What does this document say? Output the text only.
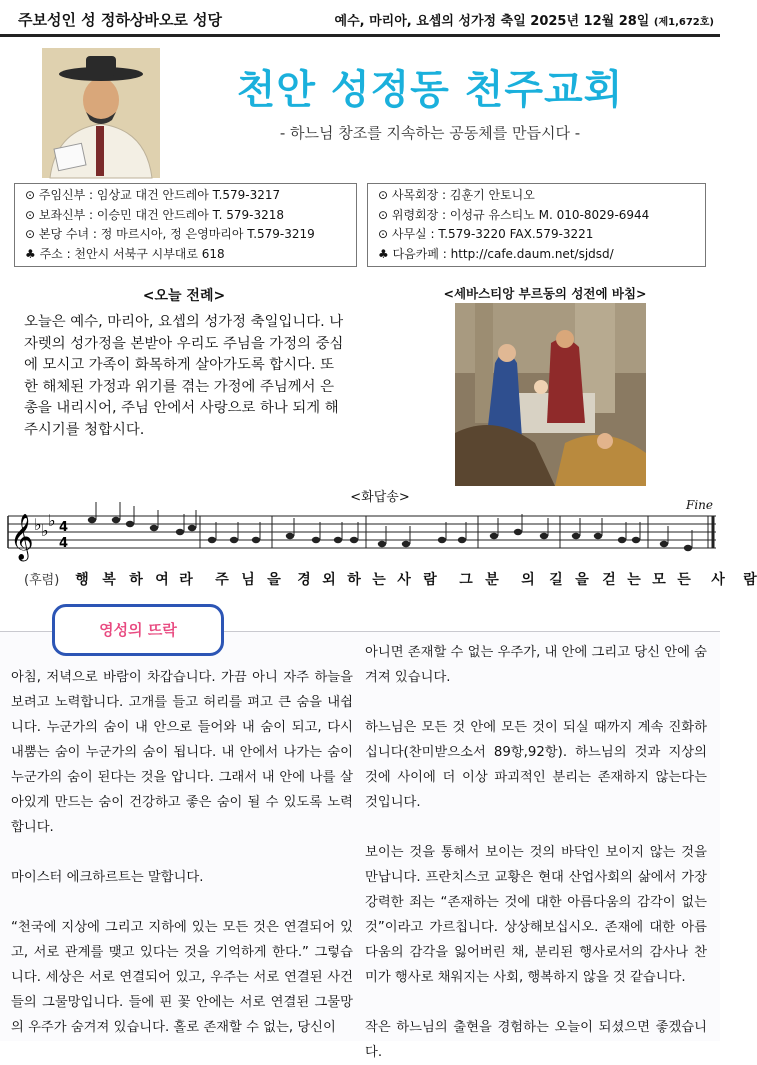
주보성인 성 정하상바오로 성당	예수, 마리아, 요셉의 성가정 축일 2025년 12월 28일 (제1,672호)
천안 성정동 천주교회
- 하느님 창조를 지속하는 공동체를 만듭시다 -
⊙ 주임신부 : 임상교 대건 안드레아 T.579-3217
⊙ 보좌신부 : 이승민 대건 안드레아 T. 579-3218
⊙ 본당 수녀 : 정 마르시아, 정 은영마리아 T.579-3219
♣ 주소 : 천안시 서북구 시부대로 618
⊙ 사목회장 : 김훈기 안토니오
⊙ 위령회장 : 이성규 유스티노 M. 010-8029-6944
⊙ 사무실 : T.579-3220 FAX.579-3221
♣ 다음카페 : http://cafe.daum.net/sjdsd/
<오늘 전례>
오늘은 예수, 마리아, 요셉의 성가정 축일입니다. 나자렛의 성가정을 본받아 우리도 주님을 가정의 중심에 모시고 가족이 화목하게 살아가도록 합시다. 또한 해체된 가정과 위기를 겪는 가정에 주님께서 은총을 내리시어, 주님 안에서 사랑으로 하나 되게 해 주시기를 청합시다.
<세바스티앙 부르동의 성전에 바침>
<화답송>	Fine
𝄞 ♭ ♭
♭ 4
4
(후렴) 행 복 하 여 라 주 님 을 경 외 하 는 사 람 그 분 의 길 을 걷 는 모 든 사 람
영성의 뜨락

아침, 저녁으로 바람이 차갑습니다. 가끔 아니 자주 하늘을 보려고 노력합니다. 고개를 들고 허리를 펴고 큰 숨을 내쉽니다. 누군가의 숨이 내 안으로 들어와 내 숨이 되고, 다시 내뿜는 숨이 누군가의 숨이 됩니다. 내 안에서 나가는 숨이 누군가의 숨이 된다는 것을 압니다. 그래서 내 안에 나를 살아있게 만드는 숨이 건강하고 좋은 숨이 될 수 있도록 노력합니다.

마이스터 에크하르트는 말합니다.

“천국에 지상에 그리고 지하에 있는 모든 것은 연결되어 있고, 서로 관계를 맺고 있다는 것을 기억하게 한다.” 그렇습니다. 세상은 서로 연결되어 있고, 우주는 서로 연결된 사건들의 그물망입니다. 들에 핀 꽃 안에는 서로 연결된 그물망의 우주가 숨겨져 있습니다. 홀로 존재할 수 없는, 당신이

아니면 존재할 수 없는 우주가, 내 안에 그리고 당신 안에 숨겨져 있습니다.

하느님은 모든 것 안에 모든 것이 되실 때까지 계속 진화하십니다(찬미받으소서 89항,92항). 하느님의 것과 지상의 것에 사이에 더 이상 파괴적인 분리는 존재하지 않는다는 것입니다.

보이는 것을 통해서 보이는 것의 바닥인 보이지 않는 것을 만납니다. 프란치스코 교황은 현대 산업사회의 삶에서 가장 강력한 죄는 “존재하는 것에 대한 아름다움의 감각이 없는 것”이라고 가르칩니다. 상상해보십시오. 존재에 대한 아름다움의 감각을 잃어버린 채, 분리된 행사로서의 감사나 찬미가 행사로 채워지는 사회, 행복하지 않을 것 같습니다.

작은 하느님의 출현을 경험하는 오늘이 되셨으면 좋겠습니다.
